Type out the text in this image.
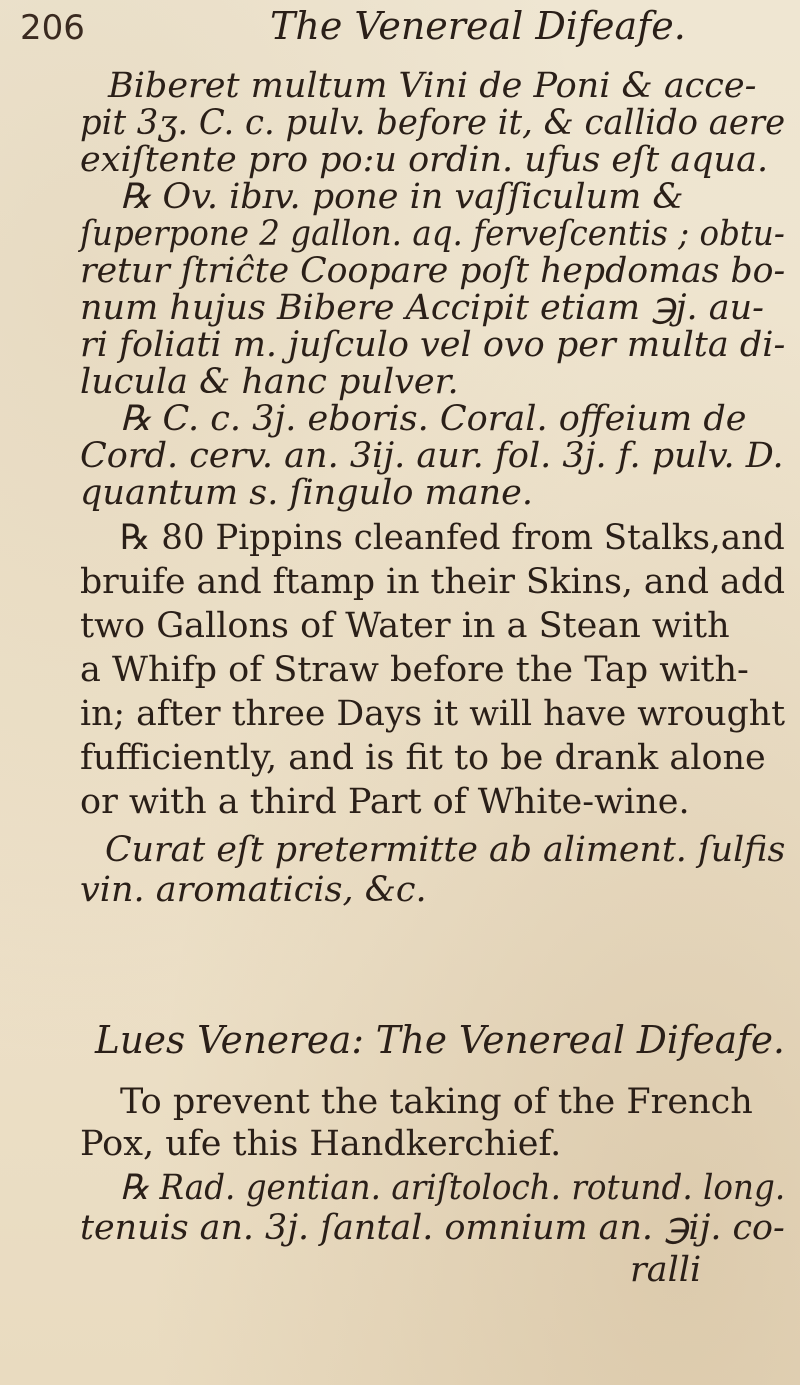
206	The Venereal Difeafe.
Biberet multum Vini de Poni & acce-
pit 3ʒ. C. c. pulv. before it, & callido aere
exiſtente pro po:u ordin. ufus eſt aqua.
℞ Ov. ibɪv. pone in vaſſiculum &
ſuperpone 2 gallon. aq. ferveſcentis ; obtu-
retur ſtriĉte Coopare poſt hepdomas bo-
num hujus Bibere Accipit etiam ℈j. au-
ri foliati m. juſculo vel ovo per multa di-
lucula & hanc pulver.
℞ C. c. 3j. eboris. Coral. offeium de
Cord. cerv. an. 3ij. aur. fol. 3j. f. pulv. D.
quantum s. ſingulo mane.
℞ 80 Pippins cleanfed from Stalks,and
bruife and ftamp in their Skins, and add
two Gallons of Water in a Stean with
a Whifp of Straw before the Tap with-
in; after three Days it will have wrought
fufficiently, and is fit to be drank alone
or with a third Part of White-wine.
Curat eſt pretermitte ab aliment. ſulfis
vin. aromaticis, &c.
Lues Venerea: The Venereal Difeafe.
To prevent the taking of the French
Pox, ufe this Handkerchief.
℞ Rad. gentian. ariſtoloch. rotund. long.
tenuis an. 3j. ſantal. omnium an. ℈ij. co-
ralli
